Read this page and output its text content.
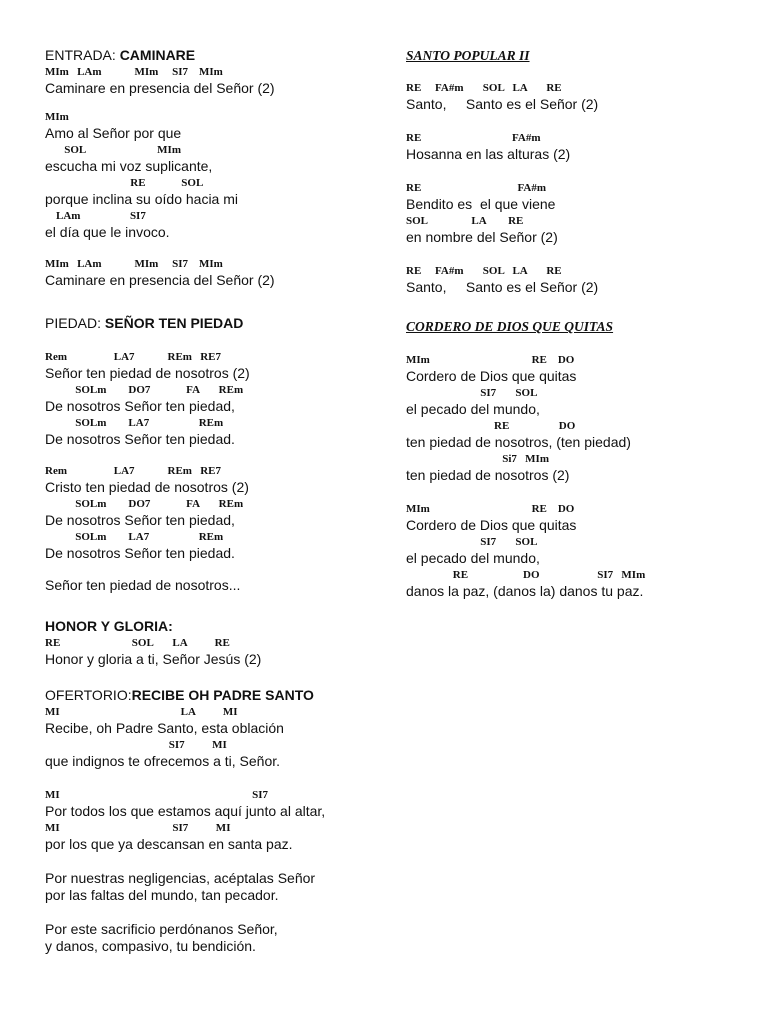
ENTRADA: CAMINARE
MIm   LAm            MIm     SI7    MIm
Caminare en presencia del Señor (2)
MIm
Amo al Señor por que
SOL                          MIm
escucha mi voz suplicante,
RE             SOL
porque inclina su oído hacia mi
LAm                  SI7
el día que le invoco.
MIm   LAm            MIm     SI7    MIm
Caminare en presencia del Señor (2)
PIEDAD: SEÑOR TEN PIEDAD
Rem                 LA7            REm   RE7
Señor ten piedad de nosotros (2)
SOLm        DO7             FA       REm
De nosotros Señor ten piedad,
SOLm        LA7                  REm
De nosotros Señor ten piedad.
Rem                 LA7            REm   RE7
Cristo ten piedad de nosotros (2)
SOLm        DO7             FA       REm
De nosotros Señor ten piedad,
SOLm        LA7                  REm
De nosotros Señor ten piedad.
Señor ten piedad de nosotros...
HONOR Y GLORIA:
RE                          SOL       LA          RE
Honor y gloria a ti, Señor Jesús (2)
OFERTORIO:RECIBE OH PADRE SANTO
MI                                            LA          MI
Recibe, oh Padre Santo, esta oblación
SI7          MI
que indignos te ofrecemos a ti, Señor.
MI                                                                      SI7
Por todos los que estamos aquí junto al altar,
MI                                         SI7          MI
por los que ya descansan en santa paz.
Por nuestras negligencias, acéptalas Señor
por las faltas del mundo, tan pecador.
Por este sacrificio perdónanos Señor,
y danos, compasivo, tu bendición.
SANTO POPULAR II
RE     FA#m       SOL   LA       RE
Santo,     Santo es el Señor (2)
RE                                 FA#m
Hosanna en las alturas (2)
RE                                   FA#m
Bendito es  el que viene
SOL                LA        RE
en nombre del Señor (2)
RE     FA#m       SOL   LA       RE
Santo,     Santo es el Señor (2)
CORDERO DE DIOS QUE QUITAS
MIm                                     RE    DO
Cordero de Dios que quitas
SI7       SOL
el pecado del mundo,
RE                  DO
ten piedad de nosotros, (ten piedad)
Si7   MIm
ten piedad de nosotros (2)
MIm                                     RE    DO
Cordero de Dios que quitas
SI7       SOL
el pecado del mundo,
RE                    DO                     SI7   MIm
danos la paz, (danos la) danos tu paz.
